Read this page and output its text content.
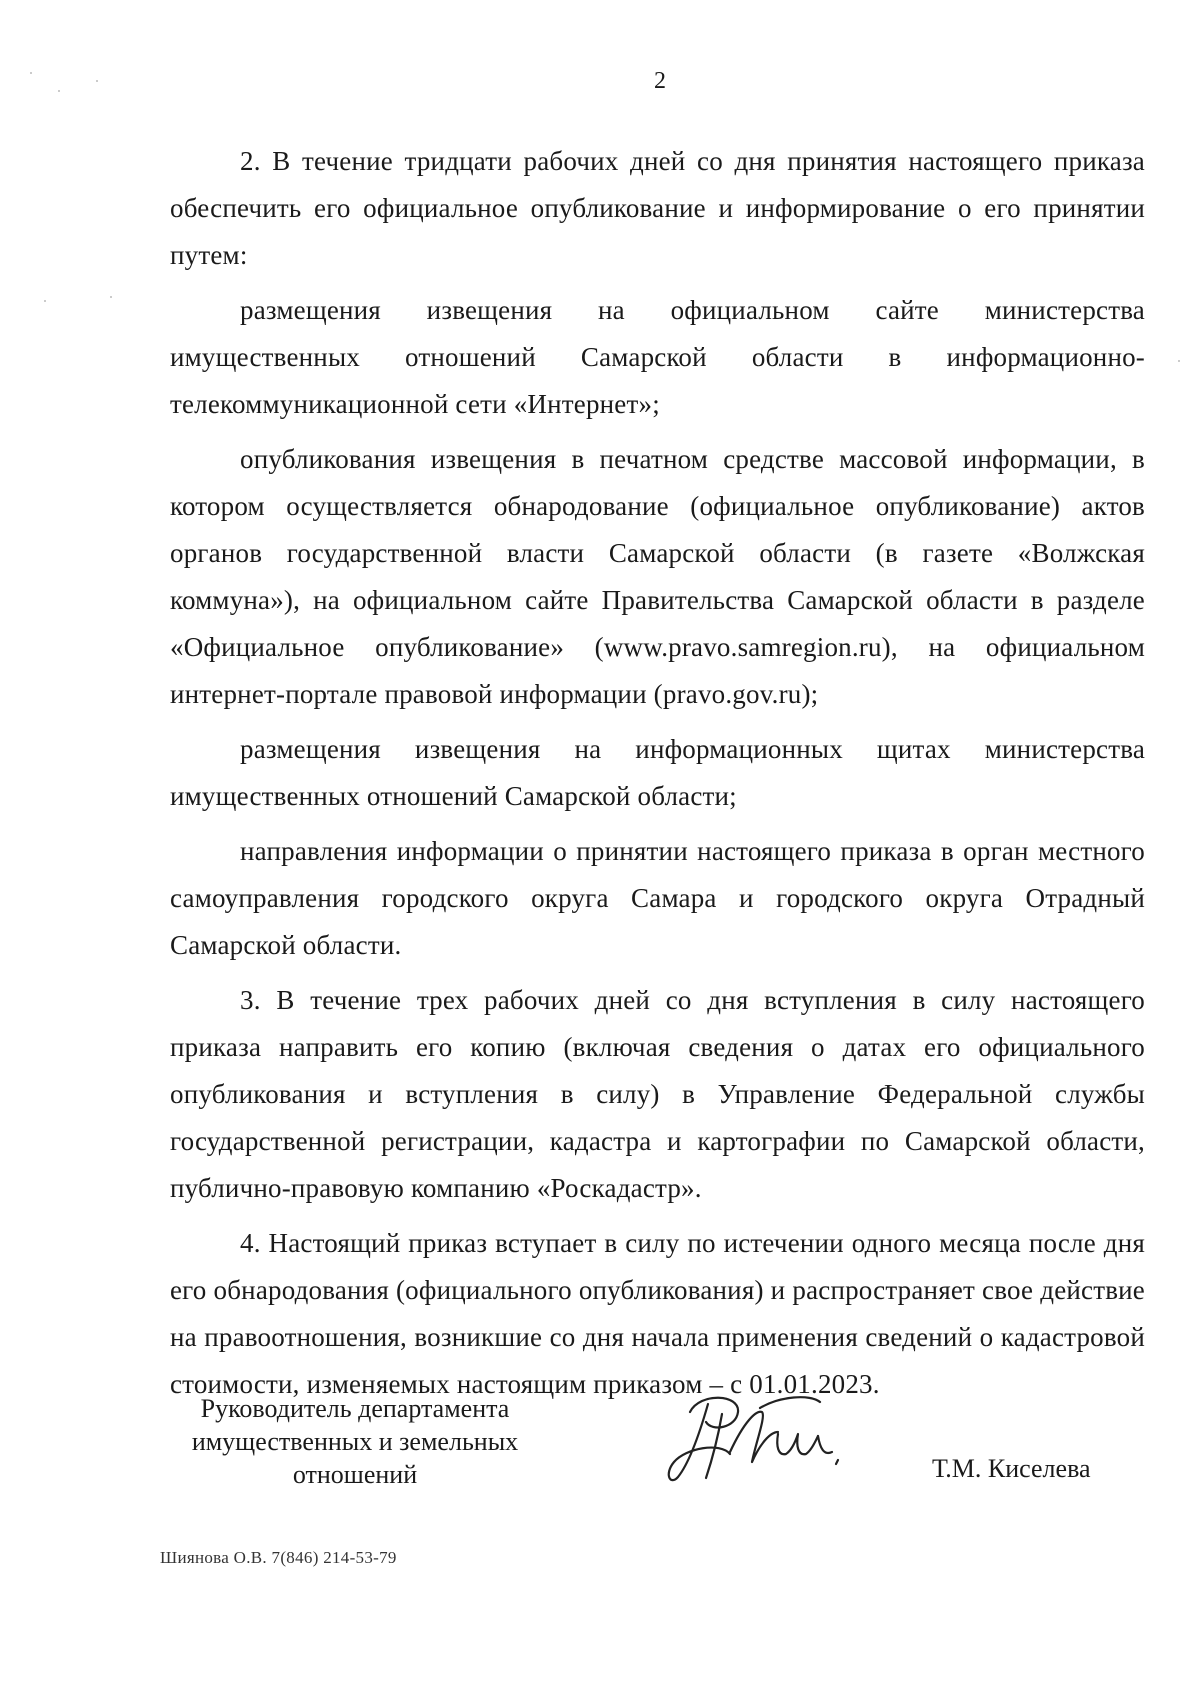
2

2. В течение тридцати рабочих дней со дня принятия настоящего приказа обеспечить его официальное опубликование и информирование о его принятии путем:

размещения извещения на официальном сайте министерства имущественных отношений Самарской области в информационно-телекоммуникационной сети «Интернет»;

опубликования извещения в печатном средстве массовой информации, в котором осуществляется обнародование (официальное опубликование) актов органов государственной власти Самарской области (в газете «Волжская коммуна»), на официальном сайте Правительства Самарской области в разделе «Официальное опубликование» (www.pravo.samregion.ru), на официальном интернет-портале правовой информации (pravo.gov.ru);

размещения извещения на информационных щитах министерства имущественных отношений Самарской области;

направления информации о принятии настоящего приказа в орган местного самоуправления городского округа Самара и городского округа Отрадный Самарской области.

3. В течение трех рабочих дней со дня вступления в силу настоящего приказа направить его копию (включая сведения о датах его официального опубликования и вступления в силу) в Управление Федеральной службы государственной регистрации, кадастра и картографии по Самарской области, публично-правовую компанию «Роскадастр».

4. Настоящий приказ вступает в силу по истечении одного месяца после дня его обнародования (официального опубликования) и распространяет свое действие на правоотношения, возникшие со дня начала применения сведений о кадастровой стоимости, изменяемых настоящим приказом – с 01.01.2023.

Руководитель департамента
имущественных и земельных
отношений	Т.М. Киселева
Шиянова О.В. 7(846) 214-53-79
